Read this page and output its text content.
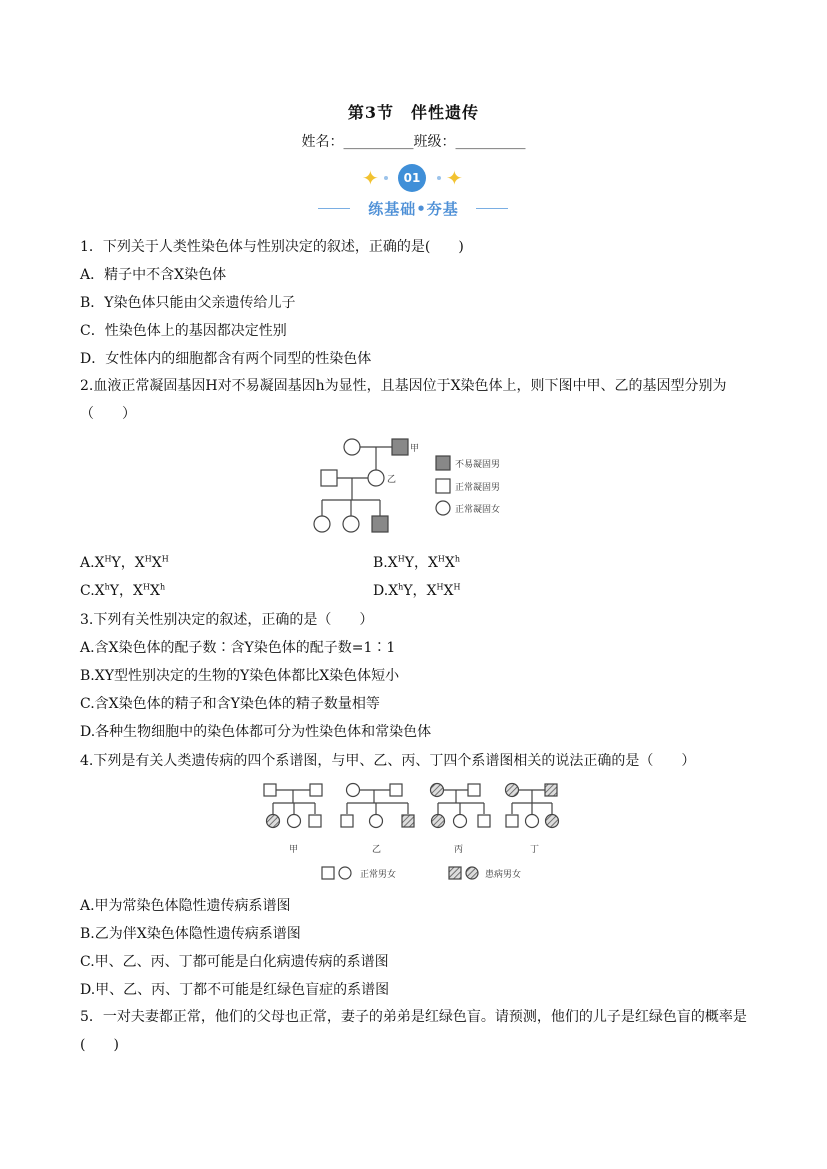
第3节　伴性遗传
姓名：__________班级：__________
✦	01 ✦
练基础•夯基
1．下列关于人类性染色体与性别决定的叙述，正确的是(　　)
A．精子中不含X染色体
B．Y染色体只能由父亲遗传给儿子
C．性染色体上的基因都决定性别
D．女性体内的细胞都含有两个同型的性染色体
2.血液正常凝固基因H对不易凝固基因h为显性，且基因位于X染色体上，则下图中甲、乙的基因型分别为（　　）
甲
乙
不易凝固男
正常凝固男
正常凝固女
$A.X^HY$，$X^HX^H$	$B.X^HY$，$X^HX^h$
$C.X^hY$，$X^HX^h$	$D.X^hY$，$X^HX^H$
3.下列有关性别决定的叙述，正确的是（　　）
A.含X染色体的配子数∶含Y染色体的配子数=1∶1
B.XY型性别决定的生物的Y染色体都比X染色体短小
C.含X染色体的精子和含Y染色体的精子数量相等
D.各种生物细胞中的染色体都可分为性染色体和常染色体
4.下列是有关人类遗传病的四个系谱图，与甲、乙、丙、丁四个系谱图相关的说法正确的是（　　）
甲	乙	丙	丁
正常男女	患病男女
A.甲为常染色体隐性遗传病系谱图
B.乙为伴X染色体隐性遗传病系谱图
C.甲、乙、丙、丁都可能是白化病遗传病的系谱图
D.甲、乙、丙、丁都不可能是红绿色盲症的系谱图
5．一对夫妻都正常，他们的父母也正常，妻子的弟弟是红绿色盲。请预测，他们的儿子是红绿色盲的概率是(　　)
